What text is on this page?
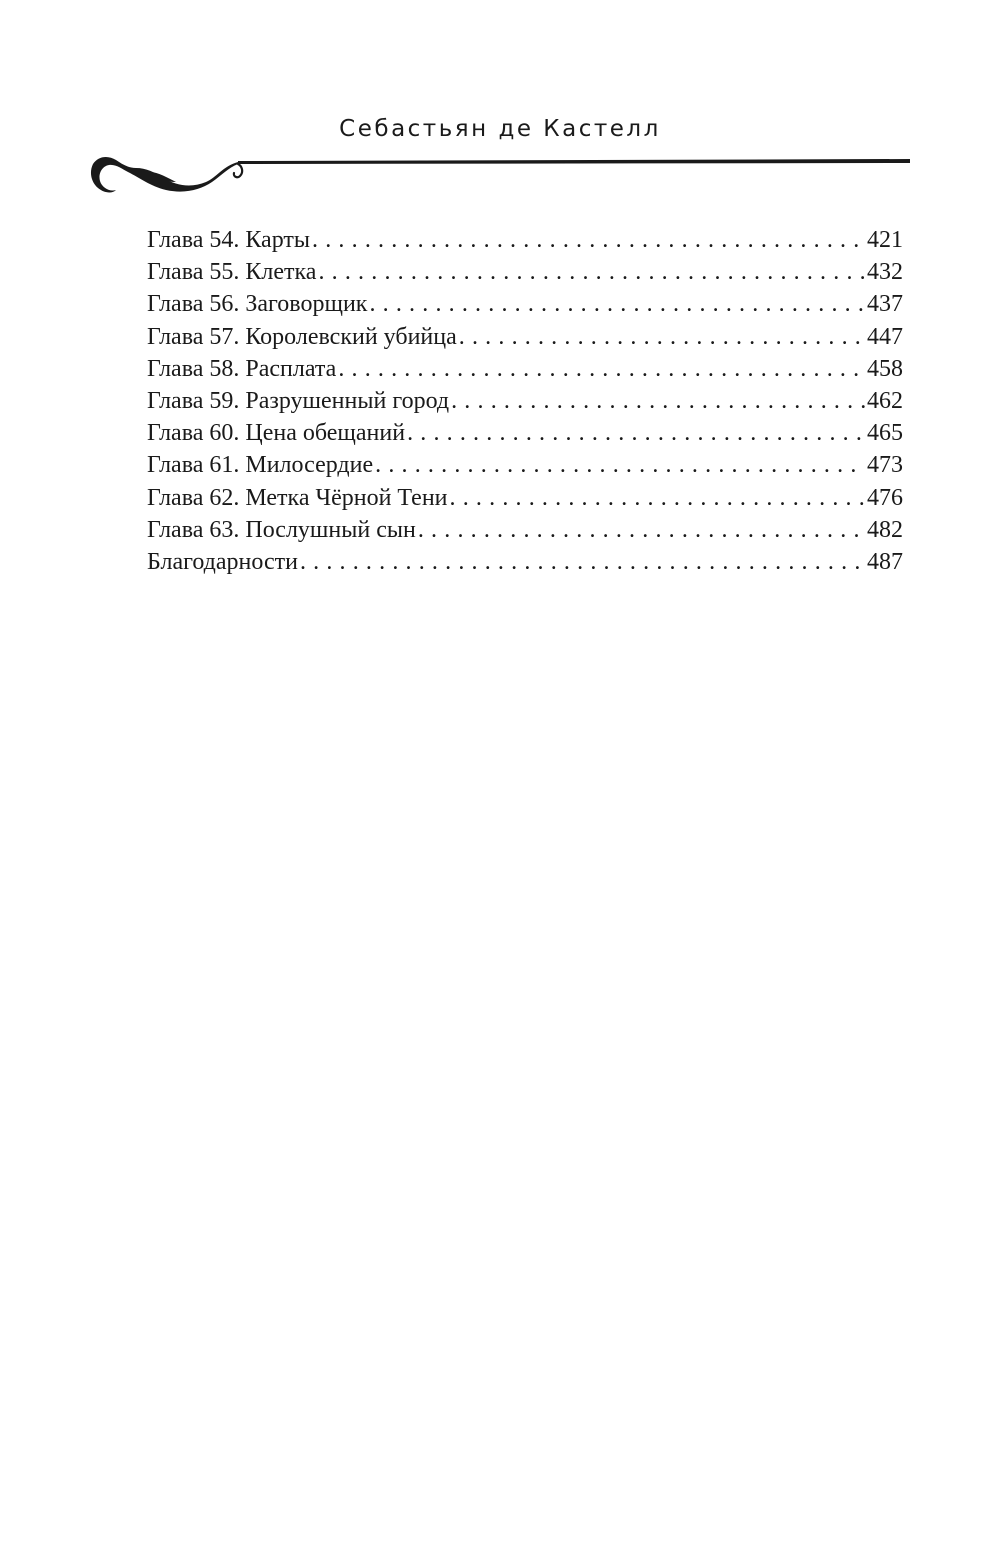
Себастьян де Кастелл
Глава 54. Карты . . .	421
Глава 55. Клетка . . .	432
Глава 56. Заговорщик . . .	437
Глава 57. Королевский убийца . . .	447
Глава 58. Расплата . . .	458
Глава 59. Разрушенный город . . .	462
Глава 60. Цена обещаний . . .	465
Глава 61. Милосердие . . .	473
Глава 62. Метка Чёрной Тени . . .	476
Глава 63. Послушный сын . . .	482
Благодарности . . .	487
